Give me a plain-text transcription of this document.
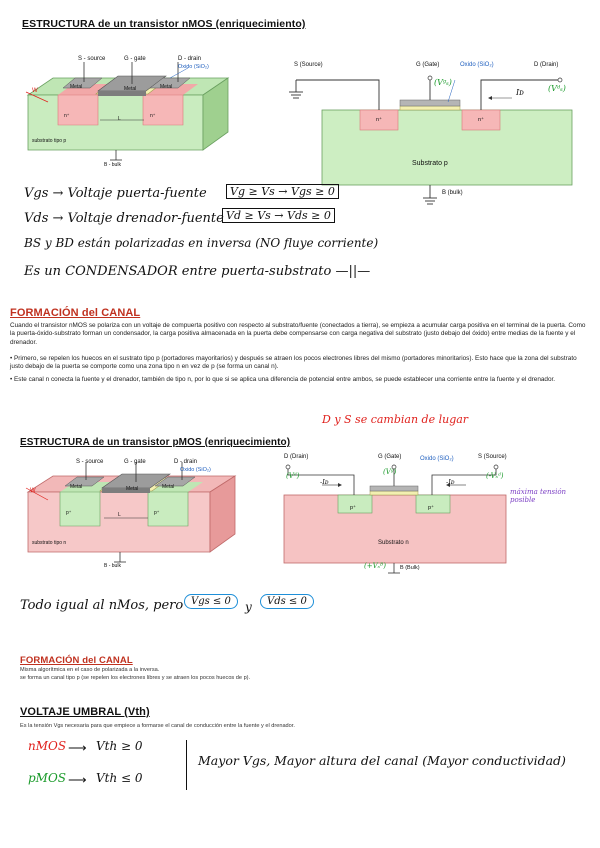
ESTRUCTURA de un transistor nMOS (enriquecimiento)
S - source	G - gate	D - drain
Oxido (SiO₂)
W
Metal	Metal	Metal
n⁺	n⁺
L
substrato tipo p
B - bulk
S (Source)	G (Gate)	Oxido (SiO₂)	D (Drain)
(Vᵍₛ)
(Vᵈₛ)
Iᴅ
n⁺	n⁺
Substrato p
B (bulk)
Vgs → Voltaje puerta-fuente	Vg ≥ Vs → Vgs ≥ 0
Vds → Voltaje drenador-fuente Vd ≥ Vs → Vds ≥ 0
BS y BD están polarizadas en inversa (NO fluye corriente)
Es un CONDENSADOR entre puerta-substrato —||—
FORMACIÓN del CANAL
Cuando el transistor nMOS se polariza con un voltaje de compuerta positivo con respecto al substrato/fuente (conectados a tierra), se empieza a acumular carga positiva en el terminal de la puerta. Como la puerta-óxido-substrato forman un condensador, la carga positiva almacenada en la puerta debe compensarse con carga negativa del substrato (justo debajo del óxido) entre medias de la fuente y el drenador.
• Primero, se repelen los huecos en el sustrato tipo p (portadores mayoritarios) y después se atraen los pocos electrones libres del mismo (portadores minoritarios). Esto hace que la zona del substrato justo debajo de la puerta se comporte como una zona tipo n en vez de p (se forma un canal n).
• Este canal n conecta la fuente y el drenador, también de tipo n, por lo que si se aplica una diferencia de potencial entre ambos, se puede establecer una corriente entre la fuente y el drenador.
D y S se cambian de lugar
ESTRUCTURA de un transistor pMOS (enriquecimiento)
S - source	G - gate	D - drain
Oxido (SiO₂)
W
Metal	Metal	Metal
p⁺	p⁺
L
substrato tipo n
B - bulk
D (Drain)	G (Gate)	Oxido (SiO₂)	S (Source)
(Vᵈ)	(Vᵍ)	(-Vₛᵈ)
-Iᴅ	-Iᴅ
p⁺	p⁺
Substrato n
(+Vₛᴮ)	B (Bulk)
máxima tensión posible
Todo igual al nMos, pero Vgs ≤ 0	y	Vds ≤ 0
FORMACIÓN del CANAL
Misma algorítmica en el caso de polarizada a la inversa.
se forma un canal tipo p (se repelen los electrones libres y se atraen los pocos huecos de p).
VOLTAJE UMBRAL (Vth)
Es la tensión Vgs necesaria para que empiece a formarse el canal de conducción entre la fuente y el drenador.
nMOS ⟶ Vth ≥ 0
pMOS ⟶ Vth ≤ 0
Mayor Vgs, Mayor altura del canal (Mayor conductividad)
